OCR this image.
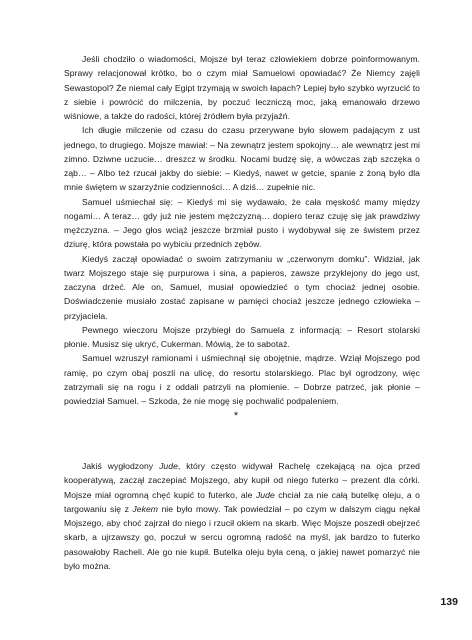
Jeśli chodziło o wiadomości, Mojsze był teraz człowiekiem dobrze poinformowanym. Sprawy relacjonował krótko, bo o czym miał Samuelowi opowiadać? Że Niemcy zajęli Sewastopol? Że niemal cały Egipt trzymają w swoich łapach? Lepiej było szybko wyrzucić to z siebie i powrócić do milczenia, by poczuć leczniczą moc, jaką emanowało drzewo wiśniowe, a także do radości, której źródłem była przyjaźń.

Ich długie milczenie od czasu do czasu przerywane było słowem padającym z ust jednego, to drugiego. Mojsze mawiał: – Na zewnątrz jestem spokojny… ale wewnątrz jest mi zimno. Dziwne uczucie… dreszcz w środku. Nocami budzę się, a wówczas ząb szczęka o ząb… – Albo też rzucał jakby do siebie: – Kiedyś, nawet w getcie, spanie z żoną było dla mnie świętem w szarzyźnie codzienności… A dziś… zupełnie nic.

Samuel uśmiechał się: – Kiedyś mi się wydawało, że cała męskość mamy między nogami… A teraz… gdy już nie jestem mężczyzną… dopiero teraz czuję się jak prawdziwy mężczyzna. – Jego głos wciąż jeszcze brzmiał pusto i wydobywał się ze świstem przez dziurę, która powstała po wybiciu przednich zębów.

Kiedyś zaczął opowiadać o swoim zatrzymaniu w „czerwonym domku”. Widział, jak twarz Mojszego staje się purpurowa i sina, a papieros, zawsze przyklejony do jego ust, zaczyna drżeć. Ale on, Samuel, musiał opowiedzieć o tym chociaż jednej osobie. Doświadczenie musiało zostać zapisane w pamięci chociaż jeszcze jednego człowieka – przyjaciela.

Pewnego wieczoru Mojsze przybiegł do Samuela z informacją: – Resort stolarski płonie. Musisz się ukryć, Cukerman. Mówią, że to sabotaż.

Samuel wzruszył ramionami i uśmiechnął się obojętnie, mądrze. Wziął Mojszego pod ramię, po czym obaj poszli na ulicę, do resortu stolarskiego. Plac był ogrodzony, więc zatrzymali się na rogu i z oddali patrzyli na płomienie. – Dobrze patrzeć, jak płonie – powiedział Samuel. – Szkoda, że nie mogę się pochwalić podpaleniem.

*

Jakiś wygłodzony Jude, który często widywał Rachelę czekającą na ojca przed kooperatywą, zaczął zaczepiać Mojszego, aby kupił od niego futerko – prezent dla córki. Mojsze miał ogromną chęć kupić to futerko, ale Jude chciał za nie całą butelkę oleju, a o targowaniu się z Jekem nie było mowy. Tak powiedział – po czym w dalszym ciągu nękał Mojszego, aby choć zajrzał do niego i rzucił okiem na skarb. Więc Mojsze poszedł obejrzeć skarb, a ujrzawszy go, poczuł w sercu ogromną radość na myśl, jak bardzo to futerko pasowałoby Racheli. Ale go nie kupił. Butelka oleju była ceną, o jakiej nawet pomarzyć nie było można.

139
